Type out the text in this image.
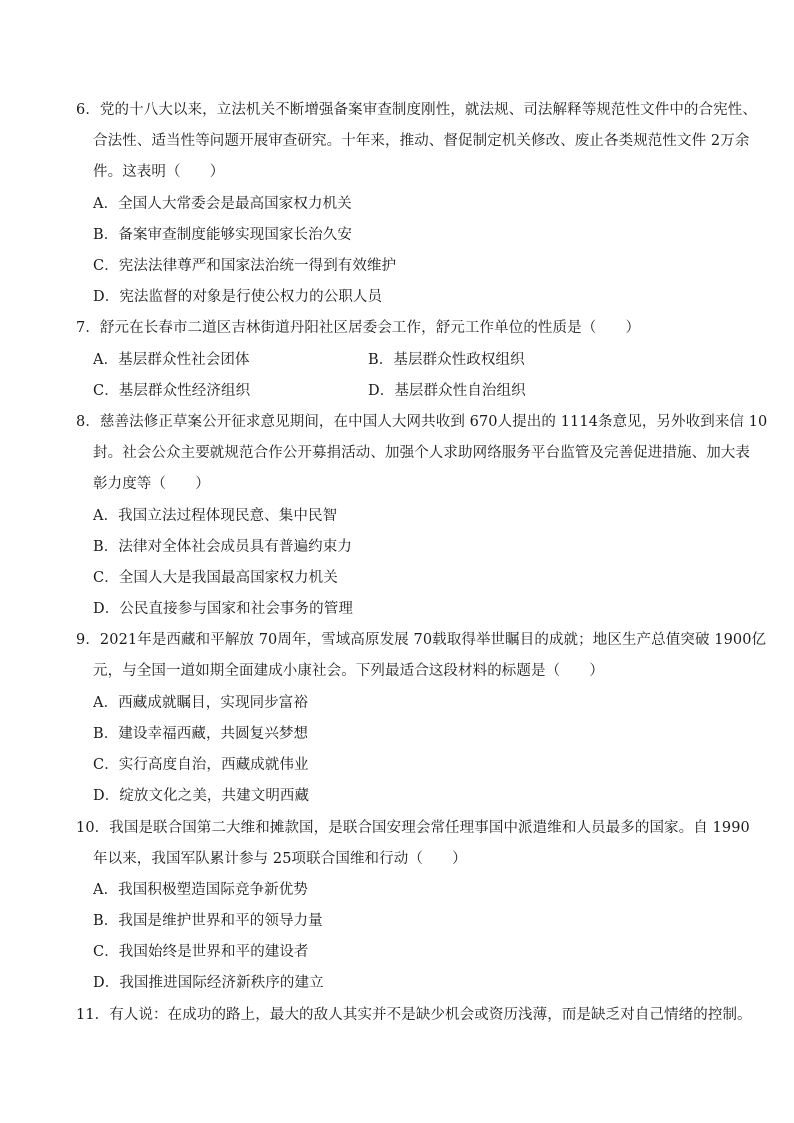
6．党的十八大以来，立法机关不断增强备案审查制度刚性，就法规、司法解释等规范性文件中的合宪性、
合法性、适当性等问题开展审查研究。十年来，推动、督促制定机关修改、废止各类规范性文件 2万余
件。这表明（　　）
A．全国人大常委会是最高国家权力机关
B．备案审查制度能够实现国家长治久安
C．宪法法律尊严和国家法治统一得到有效维护
D．宪法监督的对象是行使公权力的公职人员
7．舒元在长春市二道区吉林街道丹阳社区居委会工作，舒元工作单位的性质是（　　）
A．基层群众性社会团体	B．基层群众性政权组织
C．基层群众性经济组织	D．基层群众性自治组织
8．慈善法修正草案公开征求意见期间，在中国人大网共收到 670人提出的 1114条意见，另外收到来信 10
封。社会公众主要就规范合作公开募捐活动、加强个人求助网络服务平台监管及完善促进措施、加大表
彰力度等（　　）
A．我国立法过程体现民意、集中民智
B．法律对全体社会成员具有普遍约束力
C．全国人大是我国最高国家权力机关
D．公民直接参与国家和社会事务的管理
9．2021年是西藏和平解放 70周年，雪域高原发展 70载取得举世瞩目的成就；地区生产总值突破 1900亿
元，与全国一道如期全面建成小康社会。下列最适合这段材料的标题是（　　）
A．西藏成就瞩目，实现同步富裕
B．建设幸福西藏，共圆复兴梦想
C．实行高度自治，西藏成就伟业
D．绽放文化之美，共建文明西藏
10．我国是联合国第二大维和摊款国，是联合国安理会常任理事国中派遣维和人员最多的国家。自 1990
年以来，我国军队累计参与 25项联合国维和行动（　　）
A．我国积极塑造国际竞争新优势
B．我国是维护世界和平的领导力量
C．我国始终是世界和平的建设者
D．我国推进国际经济新秩序的建立
11．有人说：在成功的路上，最大的敌人其实并不是缺少机会或资历浅薄，而是缺乏对自己情绪的控制。
